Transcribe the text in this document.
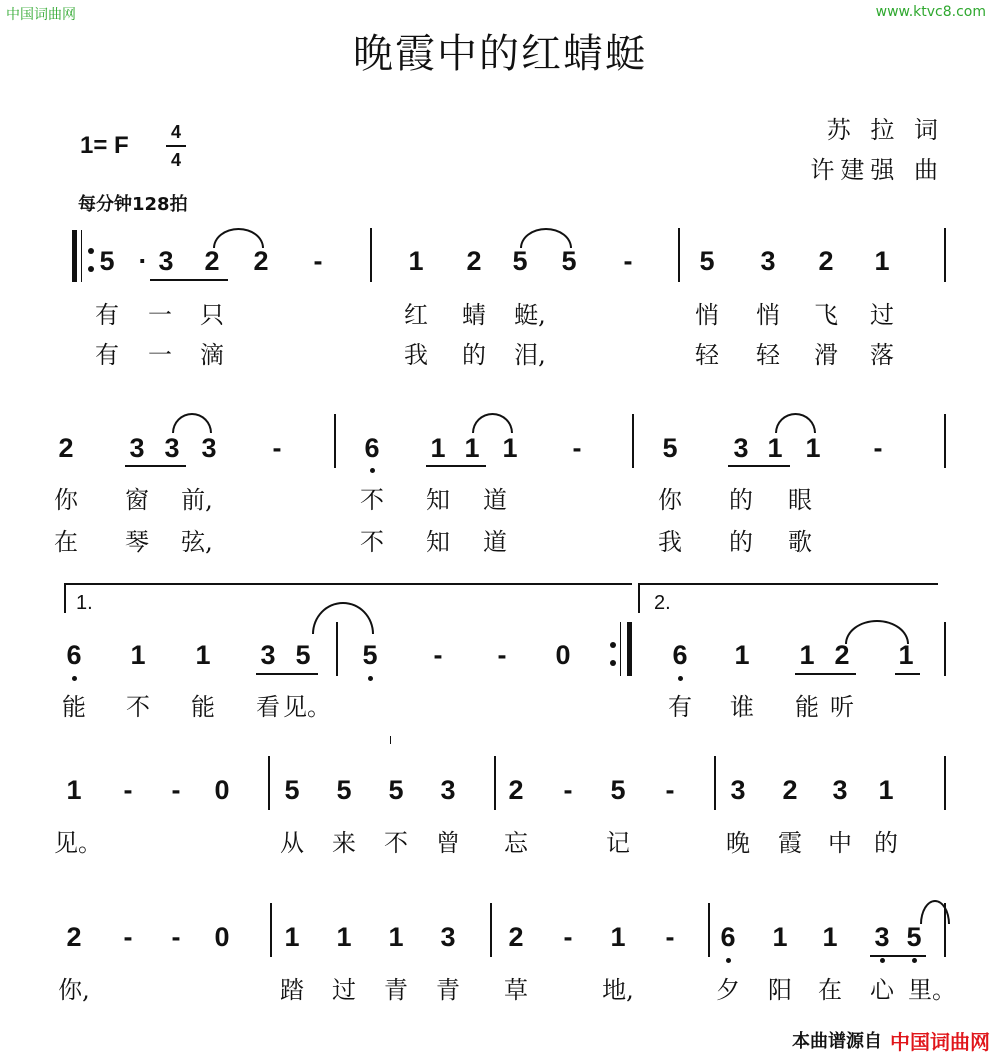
中国词曲网	www.ktvc8.com
晚霞中的红蜻蜓
1= F 4
4
每分钟128拍
苏 拉 词
许建强 曲
5 3 2 2	-	1 2 5 5	-	5 3 2 1
·
有	一	只	红	蜻	蜓,	悄	悄	飞	过
有	一	滴	我	的	泪,	轻	轻	滑	落
2 3 3 3	-	6 1 1 1	-	5 3 1 1	-
你	窗	前,	不	知	道	你	的	眼
在	琴	弦,	不	知	道	我	的	歌
1.	2.
6 1 1 3 5 5	-	-	0	6 1 1 2 1
能	不	能	看 见。	有	谁	能 听
1	-	-	0 5 5 5 3 2	-	5	-	3 2 3 1
见。	从	来	不	曾	忘	记	晚	霞	中 的
2	-	-	0 1 1 1 3 2	-	1	-	6 1 1 3 5
你,	踏	过	青	青	草	地,	夕	阳	在	心 里。
本曲谱源自 中国词曲网
